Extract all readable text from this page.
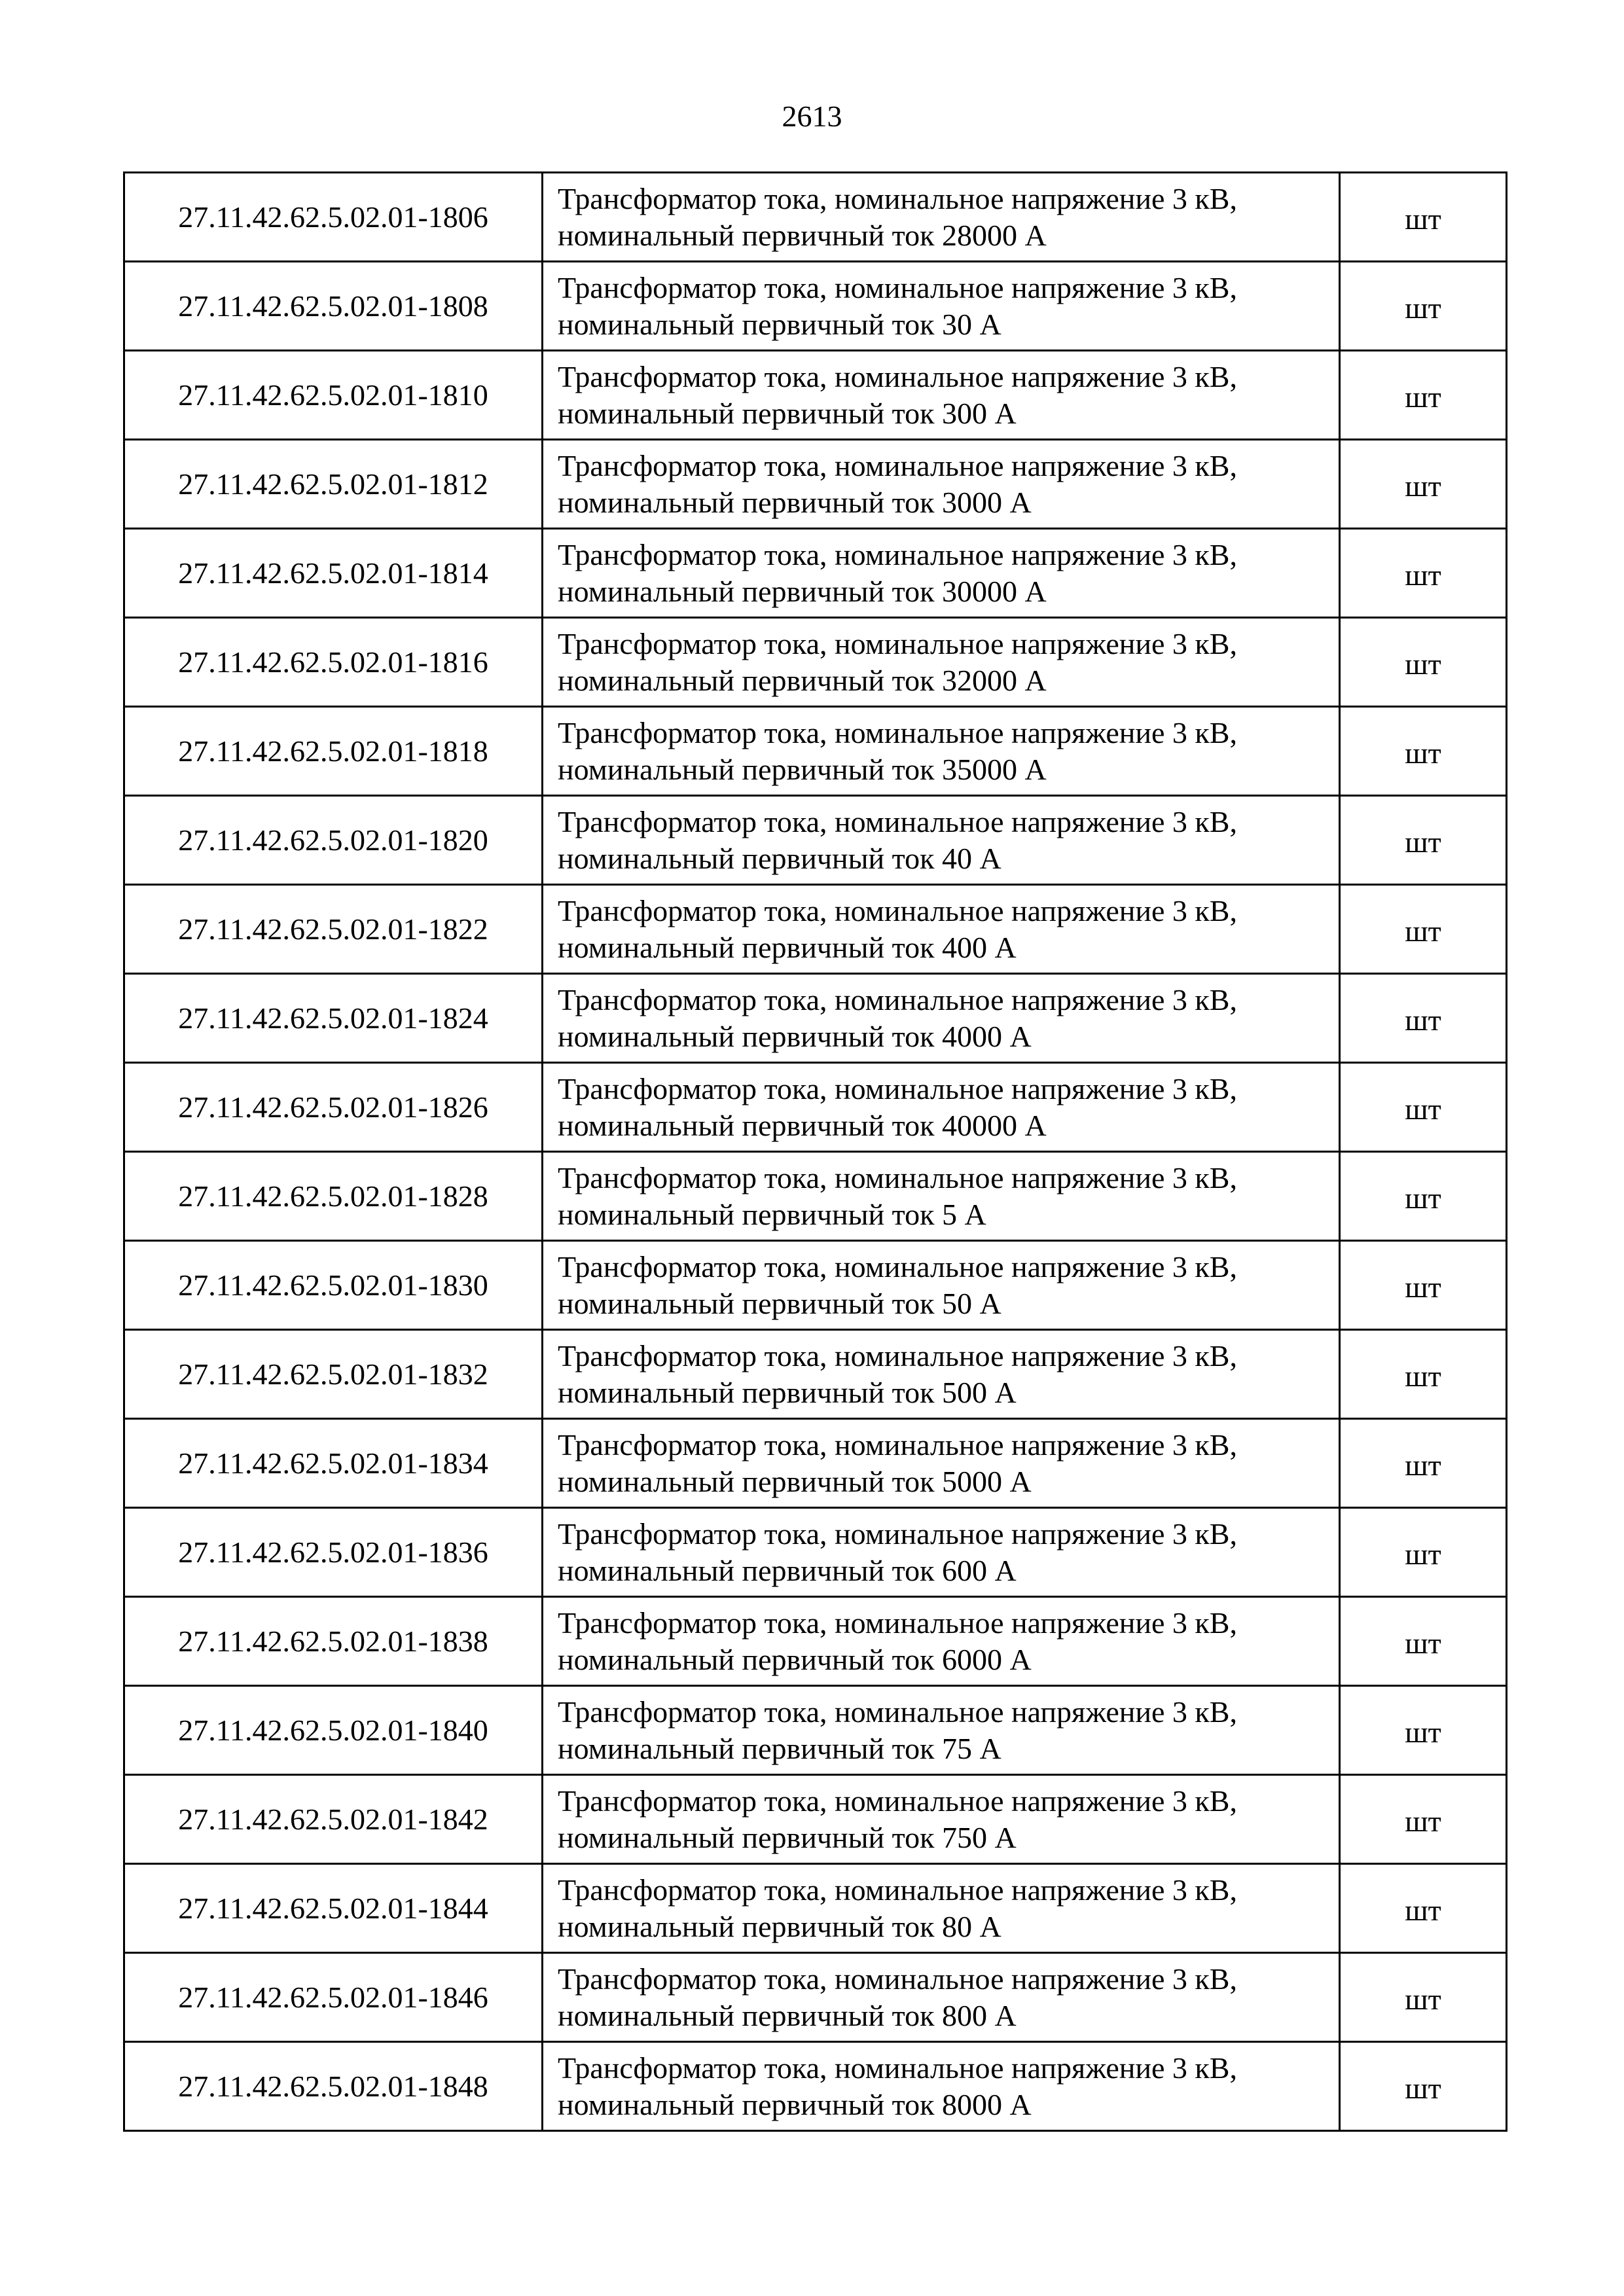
2613
27.11.42.62.5.02.01-1806	Трансформатор тока, номинальное напряжение 3 кВ,
номинальный первичный ток 28000 А	шт
27.11.42.62.5.02.01-1808	Трансформатор тока, номинальное напряжение 3 кВ,
номинальный первичный ток 30 А	шт
27.11.42.62.5.02.01-1810	Трансформатор тока, номинальное напряжение 3 кВ,
номинальный первичный ток 300 А	шт
27.11.42.62.5.02.01-1812	Трансформатор тока, номинальное напряжение 3 кВ,
номинальный первичный ток 3000 А	шт
27.11.42.62.5.02.01-1814	Трансформатор тока, номинальное напряжение 3 кВ,
номинальный первичный ток 30000 А	шт
27.11.42.62.5.02.01-1816	Трансформатор тока, номинальное напряжение 3 кВ,
номинальный первичный ток 32000 А	шт
27.11.42.62.5.02.01-1818	Трансформатор тока, номинальное напряжение 3 кВ,
номинальный первичный ток 35000 А	шт
27.11.42.62.5.02.01-1820	Трансформатор тока, номинальное напряжение 3 кВ,
номинальный первичный ток 40 А	шт
27.11.42.62.5.02.01-1822	Трансформатор тока, номинальное напряжение 3 кВ,
номинальный первичный ток 400 А	шт
27.11.42.62.5.02.01-1824	Трансформатор тока, номинальное напряжение 3 кВ,
номинальный первичный ток 4000 А	шт
27.11.42.62.5.02.01-1826	Трансформатор тока, номинальное напряжение 3 кВ,
номинальный первичный ток 40000 А	шт
27.11.42.62.5.02.01-1828	Трансформатор тока, номинальное напряжение 3 кВ,
номинальный первичный ток 5 А	шт
27.11.42.62.5.02.01-1830	Трансформатор тока, номинальное напряжение 3 кВ,
номинальный первичный ток 50 А	шт
27.11.42.62.5.02.01-1832	Трансформатор тока, номинальное напряжение 3 кВ,
номинальный первичный ток 500 А	шт
27.11.42.62.5.02.01-1834	Трансформатор тока, номинальное напряжение 3 кВ,
номинальный первичный ток 5000 А	шт
27.11.42.62.5.02.01-1836	Трансформатор тока, номинальное напряжение 3 кВ,
номинальный первичный ток 600 А	шт
27.11.42.62.5.02.01-1838	Трансформатор тока, номинальное напряжение 3 кВ,
номинальный первичный ток 6000 А	шт
27.11.42.62.5.02.01-1840	Трансформатор тока, номинальное напряжение 3 кВ,
номинальный первичный ток 75 А	шт
27.11.42.62.5.02.01-1842	Трансформатор тока, номинальное напряжение 3 кВ,
номинальный первичный ток 750 А	шт
27.11.42.62.5.02.01-1844	Трансформатор тока, номинальное напряжение 3 кВ,
номинальный первичный ток 80 А	шт
27.11.42.62.5.02.01-1846	Трансформатор тока, номинальное напряжение 3 кВ,
номинальный первичный ток 800 А	шт
27.11.42.62.5.02.01-1848	Трансформатор тока, номинальное напряжение 3 кВ,
номинальный первичный ток 8000 А	шт
